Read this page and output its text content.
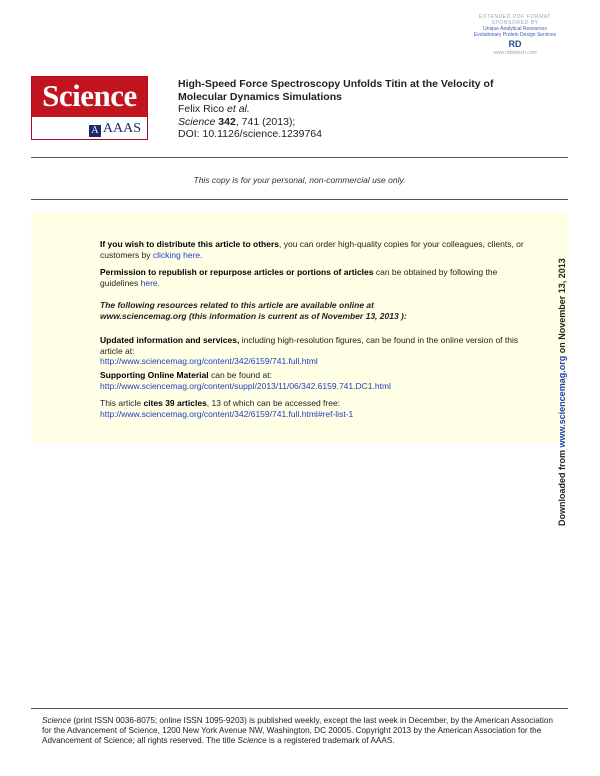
EXTENDED PDF FORMAT
SPONSORED BY
Unique Analytical Resources
Evolutionary Protein Design Services
RD
www.rdbiotech.com
Science
A AAAS
High-Speed Force Spectroscopy Unfolds Titin at the Velocity of
Molecular Dynamics Simulations
Felix Rico et al.
Science 342, 741 (2013);
DOI: 10.1126/science.1239764
This copy is for your personal, non-commercial use only.
If you wish to distribute this article to others, you can order high-quality copies for your colleagues, clients, or customers by clicking here.
Permission to republish or repurpose articles or portions of articles can be obtained by following the guidelines here.
The following resources related to this article are available online at
www.sciencemag.org (this information is current as of November 13, 2013 ):
Updated information and services, including high-resolution figures, can be found in the online version of this article at:
http://www.sciencemag.org/content/342/6159/741.full.html
Supporting Online Material can be found at:
http://www.sciencemag.org/content/suppl/2013/11/06/342.6159.741.DC1.html
This article cites 39 articles, 13 of which can be accessed free:
http://www.sciencemag.org/content/342/6159/741.full.html#ref-list-1
Downloaded from www.sciencemag.org on November 13, 2013
Science (print ISSN 0036-8075; online ISSN 1095-9203) is published weekly, except the last week in December, by the American Association for the Advancement of Science, 1200 New York Avenue NW, Washington, DC 20005. Copyright 2013 by the American Association for the Advancement of Science; all rights reserved. The title Science is a registered trademark of AAAS.
